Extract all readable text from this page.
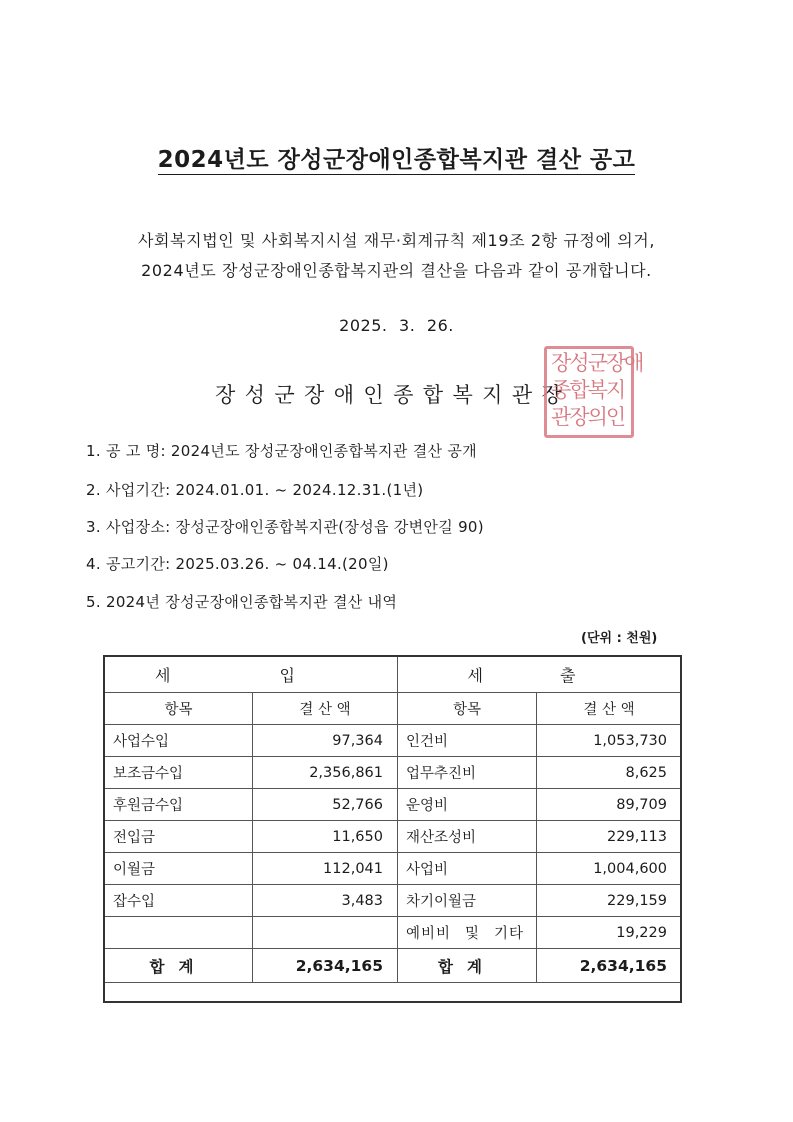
2024년도 장성군장애인종합복지관 결산 공고
사회복지법인 및 사회복지시설 재무·회계규칙 제19조 2항 규정에 의거,
2024년도 장성군장애인종합복지관의 결산을 다음과 같이 공개합니다.
2025. 3. 26.
장성군장애인종합복지관장
장성군장애
종합복지
관장의인
1. 공 고 명: 2024년도 장성군장애인종합복지관 결산 공개
2. 사업기간: 2024.01.01. ~ 2024.12.31.(1년)
3. 사업장소: 장성군장애인종합복지관(장성읍 강변안길 90)
4. 공고기간: 2025.03.26. ~ 04.14.(20일)
5. 2024년 장성군장애인종합복지관 결산 내역
(단위 : 천원)
세 입		세 출	
항목	결 산 액	항목	결 산 액
사업수입	97,364	인건비	1,053,730
보조금수입	2,356,861	업무추진비	8,625
후원금수입	52,766	운영비	89,709
전입금	11,650	재산조성비	229,113
이월금	112,041	사업비	1,004,600
잡수입	3,483	차기이월금	229,159
		예비비 및 기타	19,229
합계	2,634,165	합계	2,634,165
